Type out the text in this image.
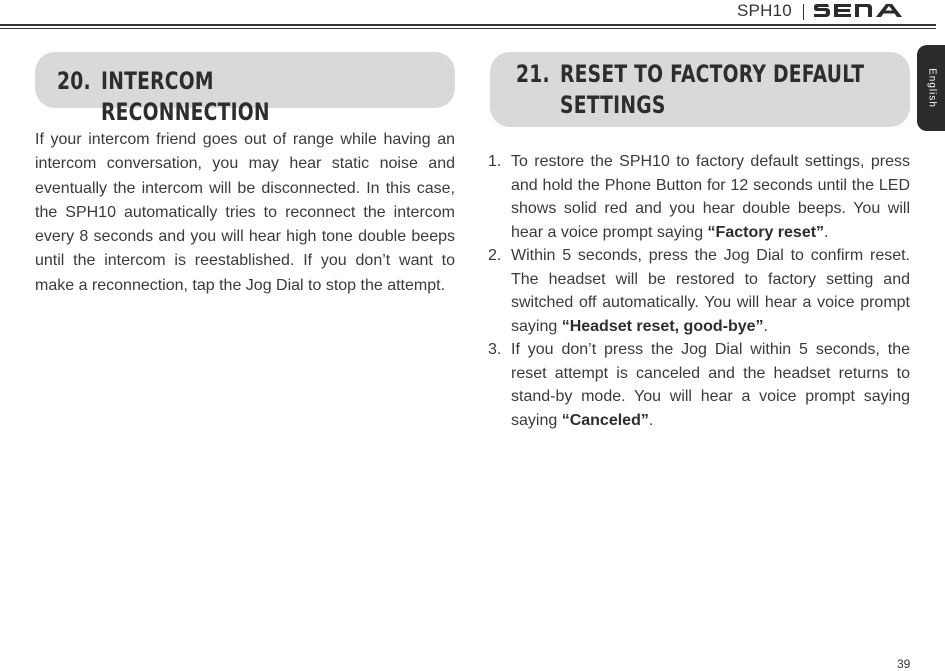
SPH10
English
20. INTERCOM RECONNECTION

If your intercom friend goes out of range while having an intercom conversation, you may hear static noise and eventually the intercom will be disconnected. In this case, the SPH10 automatically tries to reconnect the intercom every 8 seconds and you will hear high tone double beeps until the intercom is reestablished. If you don’t want to make a reconnection, tap the Jog Dial to stop the attempt.

21. RESET TO FACTORY DEFAULT SETTINGS
1. To restore the SPH10 to factory default settings, press and hold the Phone Button for 12 seconds until the LED shows solid red and you hear double beeps. You will hear a voice prompt saying “Factory reset”.
2. Within 5 seconds, press the Jog Dial to confirm reset. The headset will be restored to factory setting and switched off automatically. You will hear a voice prompt saying “Headset reset, good-bye”.
3. If you don’t press the Jog Dial within 5 seconds, the reset attempt is canceled and the headset returns to stand-by mode. You will hear a voice prompt saying saying “Canceled”.
39
